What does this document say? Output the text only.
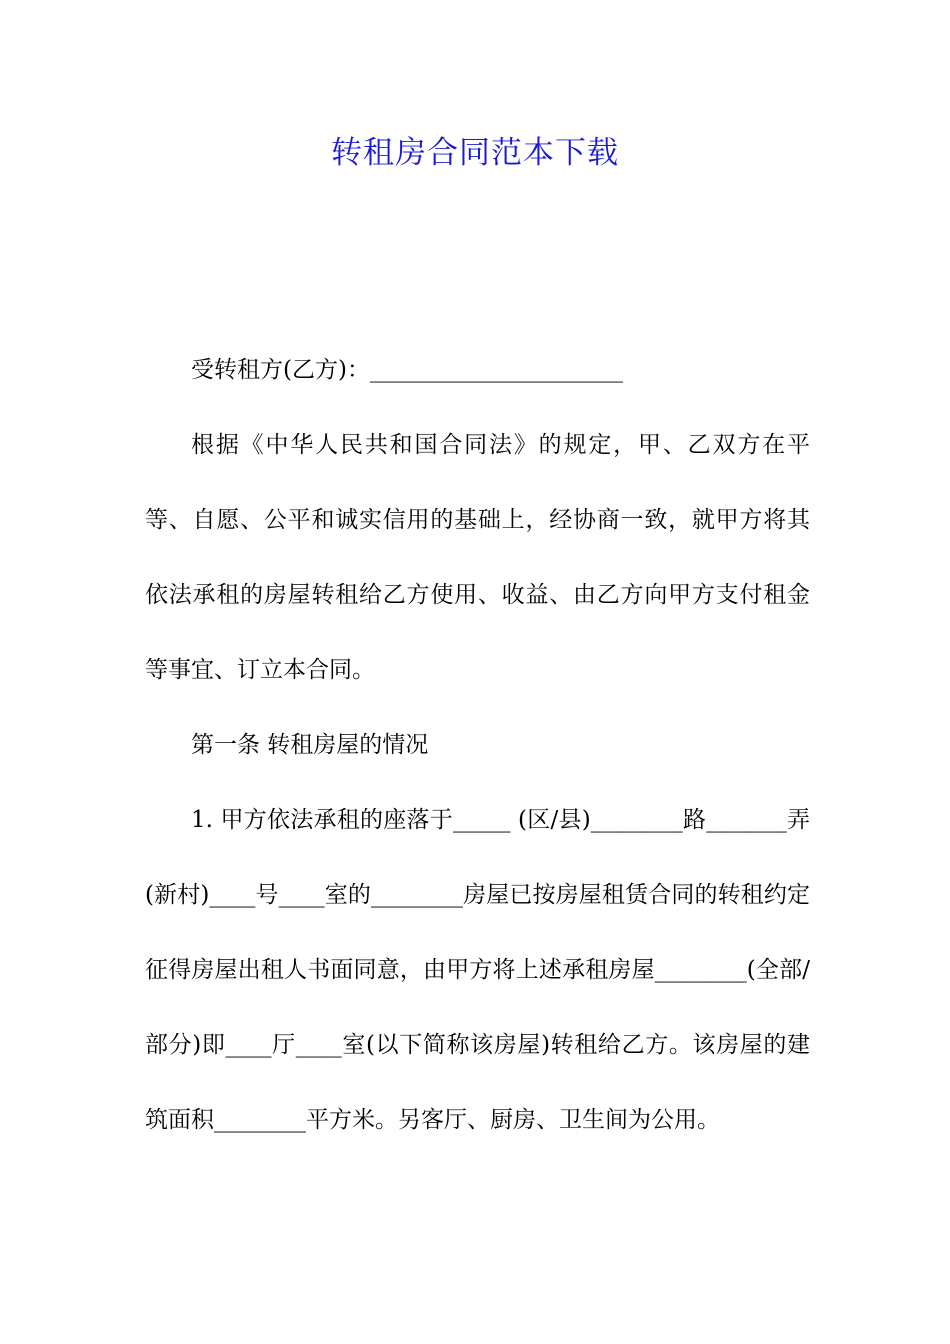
转租房合同范本下载

受转租方(乙方)：______________________

根据《中华人民共和国合同法》的规定，甲、乙双方在平等、自愿、公平和诚实信用的基础上，经协商一致，就甲方将其依法承租的房屋转租给乙方使用、收益、由乙方向甲方支付租金等事宜、订立本合同。

第一条 转租房屋的情况

1. 甲方依法承租的座落于_____ (区/县)________路_______弄(新村)____号____室的________房屋已按房屋租赁合同的转租约定征得房屋出租人书面同意，由甲方将上述承租房屋________(全部/部分)即____厅____室(以下简称该房屋)转租给乙方。该房屋的建筑面积________平方米。另客厅、厨房、卫生间为公用。
